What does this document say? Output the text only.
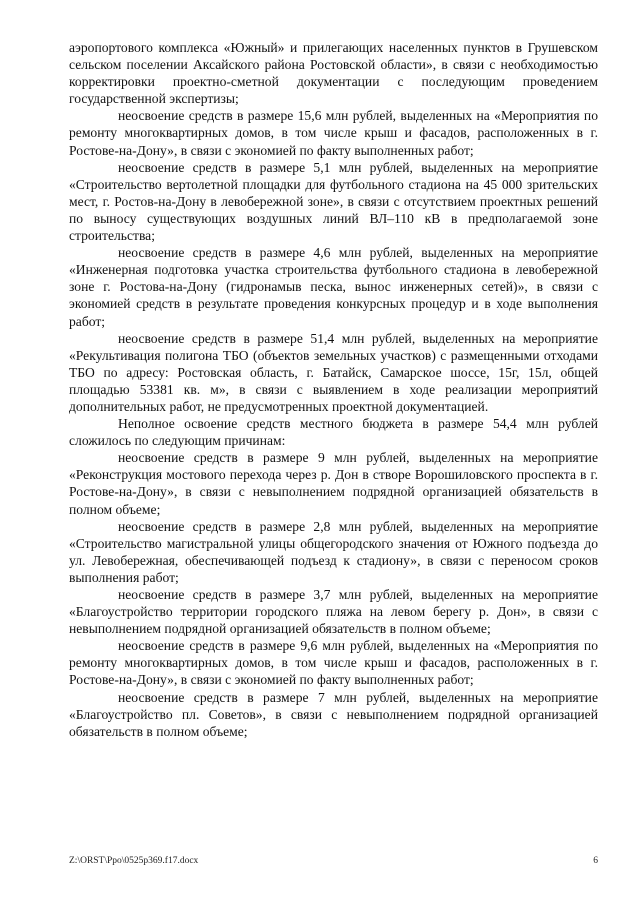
аэропортового комплекса «Южный» и прилегающих населенных пунктов в Грушевском сельском поселении Аксайского района Ростовской области», в связи с необходимостью корректировки проектно-сметной документации с последующим проведением государственной экспертизы;

неосвоение средств в размере 15,6 млн рублей, выделенных на «Мероприятия по ремонту многоквартирных домов, в том числе крыш и фасадов, расположенных в г. Ростове-на-Дону», в связи с экономией по факту выполненных работ;

неосвоение средств в размере 5,1 млн рублей, выделенных на мероприятие «Строительство вертолетной площадки для футбольного стадиона на 45 000 зрительских мест, г. Ростов-на-Дону в левобережной зоне», в связи с отсутствием проектных решений по выносу существующих воздушных линий ВЛ–110 кВ в предполагаемой зоне строительства;

неосвоение средств в размере 4,6 млн рублей, выделенных на мероприятие «Инженерная подготовка участка строительства футбольного стадиона в левобережной зоне г. Ростова-на-Дону (гидронамыв песка, вынос инженерных сетей)», в связи с экономией средств в результате проведения конкурсных процедур и в ходе выполнения работ;

неосвоение средств в размере 51,4 млн рублей, выделенных на мероприятие «Рекультивация полигона ТБО (объектов земельных участков) с размещенными отходами ТБО по адресу: Ростовская область, г. Батайск, Самарское шоссе, 15г, 15л, общей площадью 53381 кв. м», в связи с выявлением в ходе реализации мероприятий дополнительных работ, не предусмотренных проектной документацией.

Неполное освоение средств местного бюджета в размере 54,4 млн рублей сложилось по следующим причинам:

неосвоение средств в размере 9 млн рублей, выделенных на мероприятие «Реконструкция мостового перехода через р. Дон в створе Ворошиловского проспекта в г. Ростове-на-Дону», в связи с невыполнением подрядной организацией обязательств в полном объеме;

неосвоение средств в размере 2,8 млн рублей, выделенных на мероприятие «Строительство магистральной улицы общегородского значения от Южного подъезда до ул. Левобережная, обеспечивающей подъезд к стадиону», в связи с переносом сроков выполнения работ;

неосвоение средств в размере 3,7 млн рублей, выделенных на мероприятие «Благоустройство территории городского пляжа на левом берегу р. Дон», в связи с невыполнением подрядной организацией обязательств в полном объеме;

неосвоение средств в размере 9,6 млн рублей, выделенных на «Мероприятия по ремонту многоквартирных домов, в том числе крыш и фасадов, расположенных в г. Ростове-на-Дону», в связи с экономией по факту выполненных работ;

неосвоение средств в размере 7 млн рублей, выделенных на мероприятие «Благоустройство пл. Советов», в связи с невыполнением подрядной организацией обязательств в полном объеме;

Z:\ORST\Ppo\0525p369.f17.docx	6
